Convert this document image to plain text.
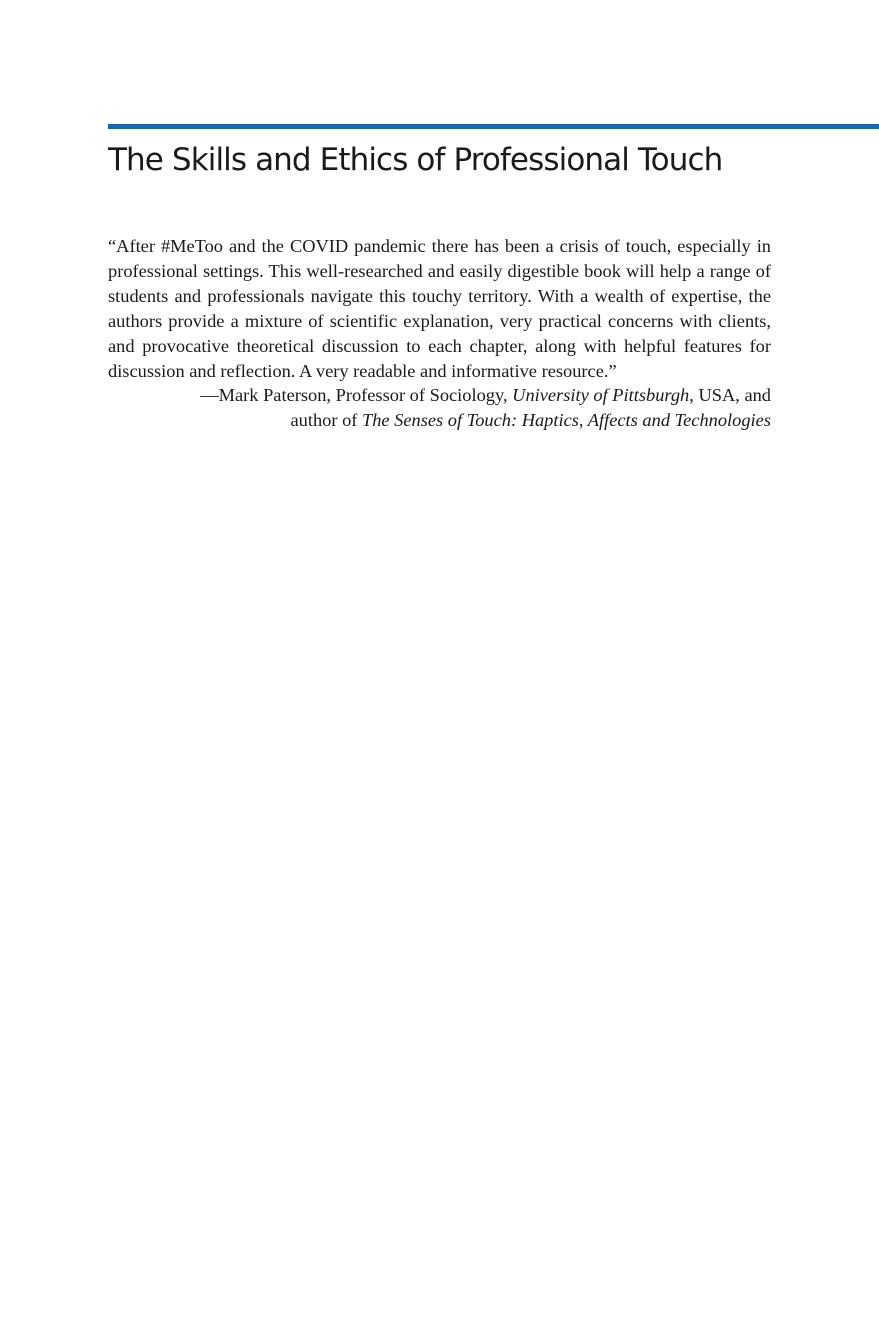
The Skills and Ethics of Professional Touch

“After #MeToo and the COVID pandemic there has been a crisis of touch, especially in professional settings. This well-researched and easily digestible book will help a range of students and professionals navigate this touchy territory. With a wealth of expertise, the authors provide a mixture of scientific explanation, very practical concerns with clients, and provocative theoretical discussion to each chapter, along with helpful features for discussion and reflection. A very readable and informative resource.”

—Mark Paterson, Professor of Sociology, University of Pittsburgh, USA, and
author of The Senses of Touch: Haptics, Affects and Technologies
